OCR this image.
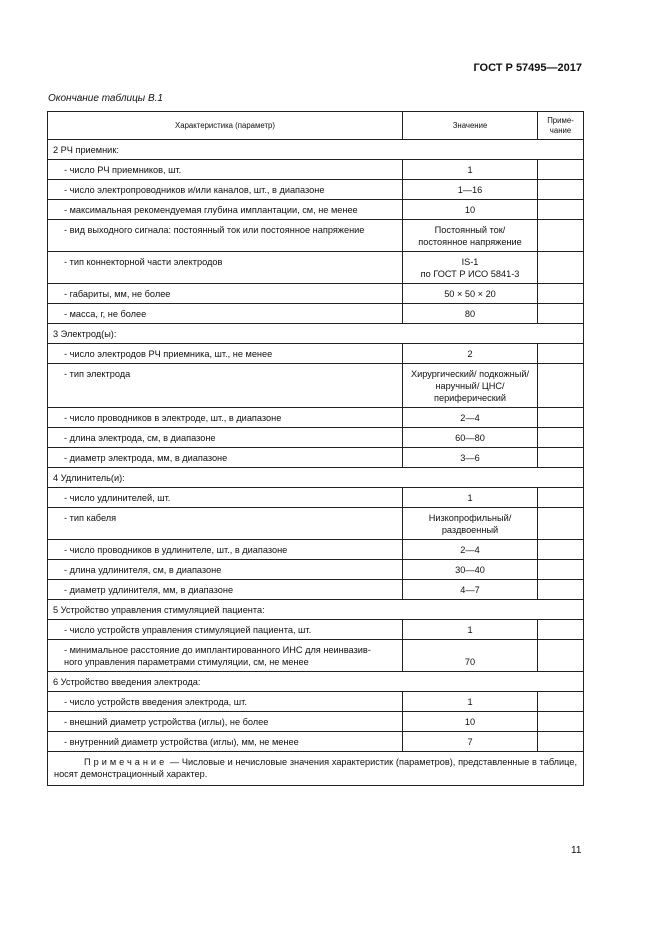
ГОСТ Р 57495—2017
Окончание таблицы В.1
Характеристика (параметр)	Значение	Приме-
чание
2 РЧ приемник:		
- число РЧ приемников, шт.	1	
- число электропроводников и/или каналов, шт., в диапазоне	1—16	
- максимальная рекомендуемая глубина имплантации, см, не менее	10	
- вид выходного сигнала: постоянный ток или постоянное напряжение	Постоянный ток/
постоянное напряжение	
- тип коннекторной части электродов	IS-1
по ГОСТ Р ИСО 5841-3	
- габариты, мм, не более	50 × 50 × 20	
- масса, г, не более	80	
3 Электрод(ы):		
- число электродов РЧ приемника, шт., не менее	2	
- тип электрода	Хирургический/ подкожный/
наручный/ ЦНС/
периферический	
- число проводников в электроде, шт., в диапазоне	2—4	
- длина электрода, см, в диапазоне	60—80	
- диаметр электрода, мм, в диапазоне	3—6	
4 Удлинитель(и):		
- число удлинителей, шт.	1	
- тип кабеля	Низкопрофильный/
раздвоенный	
- число проводников в удлинителе, шт., в диапазоне	2—4	
- длина удлинителя, см, в диапазоне	30—40	
- диаметр удлинителя, мм, в диапазоне	4—7	
5 Устройство управления стимуляцией пациента:		
- число устройств управления стимуляцией пациента, шт.	1	
- минимальное расстояние до имплантированного ИНС для неинвазив-
ного управления параметрами стимуляции, см, не менее	70	
6 Устройство введения электрода:		
- число устройств введения электрода, шт.	1	
- внешний диаметр устройства (иглы), не более	10	
- внутренний диаметр устройства (иглы), мм, не менее	7	
Примечание — Числовые и нечисловые значения характеристик (параметров), представленные в таблице, носят демонстрационный характер.		
11
